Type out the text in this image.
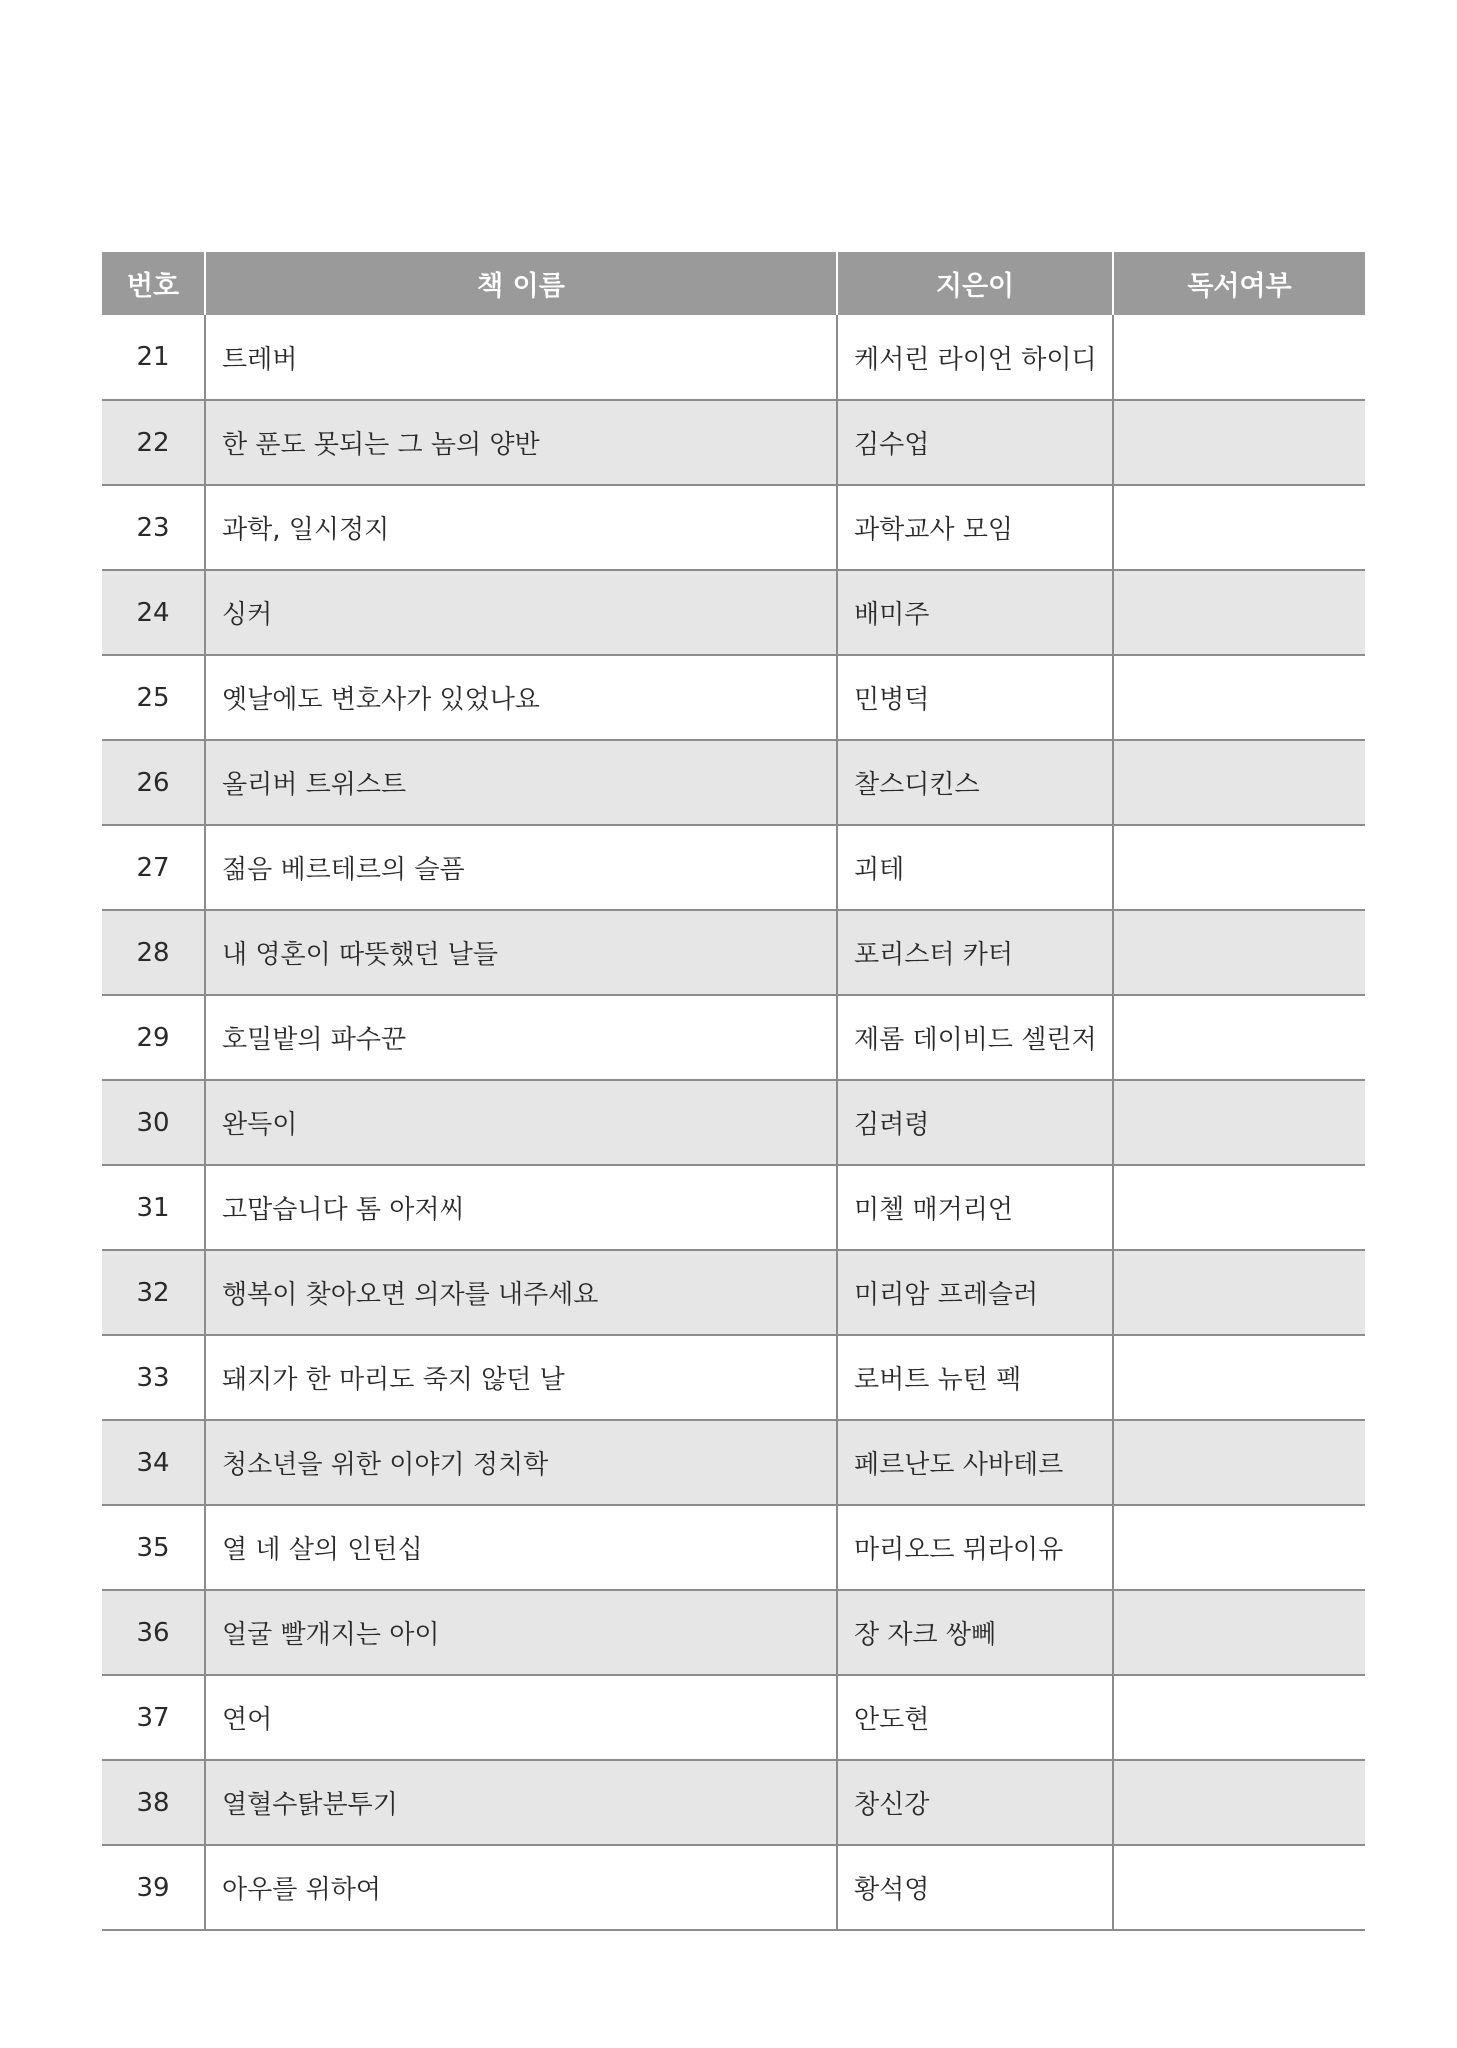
번호	책 이름	지은이	독서여부
21	트레버	케서린 라이언 하이디	
22	한 푼도 못되는 그 놈의 양반	김수업	
23	과학, 일시정지	과학교사 모임	
24	싱커	배미주	
25	옛날에도 변호사가 있었나요	민병덕	
26	올리버 트위스트	찰스디킨스	
27	젊음 베르테르의 슬픔	괴테	
28	내 영혼이 따뜻했던 날들	포리스터 카터	
29	호밀밭의 파수꾼	제롬 데이비드 셀린저	
30	완득이	김려령	
31	고맙습니다 톰 아저씨	미첼 매거리언	
32	행복이 찾아오면 의자를 내주세요	미리암 프레슬러	
33	돼지가 한 마리도 죽지 않던 날	로버트 뉴턴 펙	
34	청소년을 위한 이야기 정치학	페르난도 사바테르	
35	열 네 살의 인턴십	마리오드 뮈라이유	
36	얼굴 빨개지는 아이	장 자크 쌍뻬	
37	연어	안도현	
38	열혈수탉분투기	창신강	
39	아우를 위하여	황석영	
